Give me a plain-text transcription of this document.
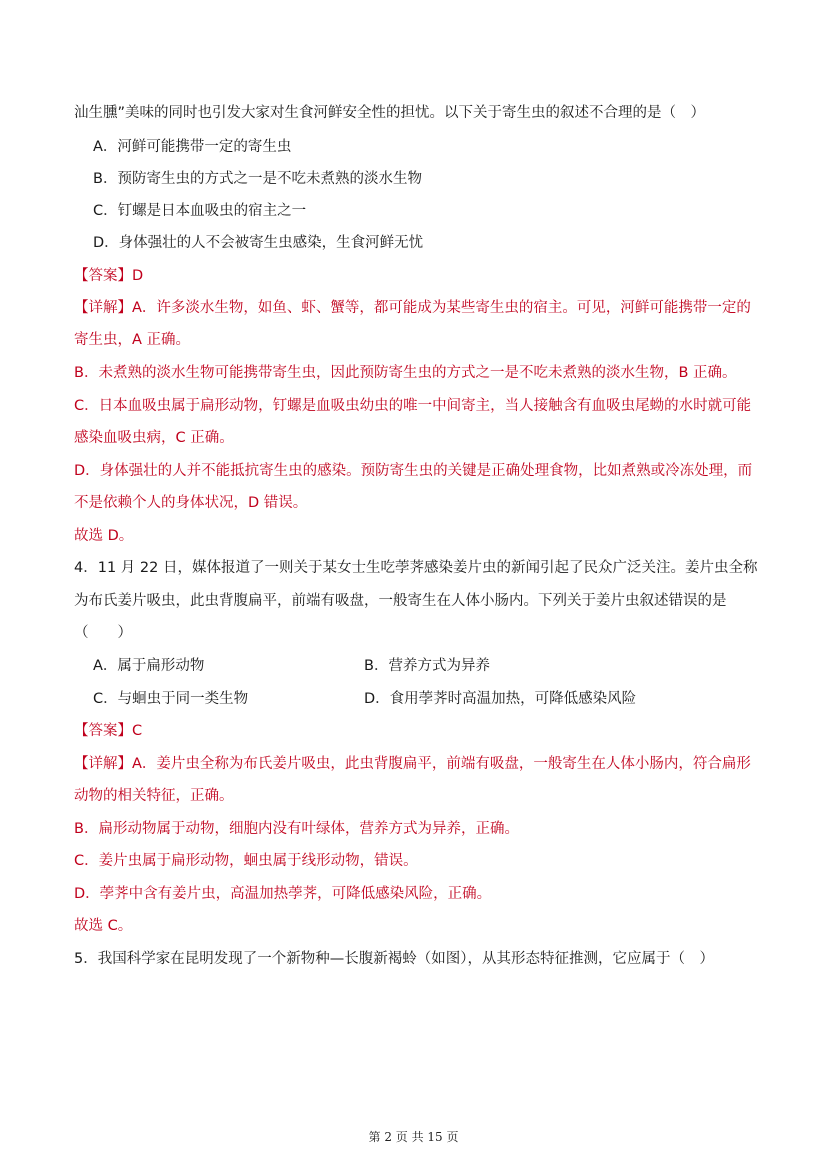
汕生臐”美味的同时也引发大家对生食河鲜安全性的担忧。以下关于寄生虫的叙述不合理的是（　）
A．河鲜可能携带一定的寄生虫
B．预防寄生虫的方式之一是不吃未煮熟的淡水生物
C．钉螺是日本血吸虫的宿主之一
D．身体强壮的人不会被寄生虫感染，生食河鲜无忧
【答案】D
【详解】A．许多淡水生物，如鱼、虾、蟹等，都可能成为某些寄生虫的宿主。可见，河鲜可能携带一定的
寄生虫，A 正确。
B．未煮熟的淡水生物可能携带寄生虫，因此预防寄生虫的方式之一是不吃未煮熟的淡水生物，B 正确。
C．日本血吸虫属于扁形动物，钉螺是血吸虫幼虫的唯一中间寄主，当人接触含有血吸虫尾蚴的水时就可能
感染血吸虫病，C 正确。
D．身体强壮的人并不能抵抗寄生虫的感染。预防寄生虫的关键是正确处理食物，比如煮熟或冷冻处理，而
不是依赖个人的身体状况，D 错误。
故选 D。
4．11 月 22 日，媒体报道了一则关于某女士生吃荸荠感染姜片虫的新闻引起了民众广泛关注。姜片虫全称
为布氏姜片吸虫，此虫背腹扁平，前端有吸盘，一般寄生在人体小肠内。下列关于姜片虫叙述错误的是
（　　）
A．属于扁形动物	B．营养方式为异养
C．与蛔虫于同一类生物	D．食用荸荠时高温加热，可降低感染风险
【答案】C
【详解】A．姜片虫全称为布氏姜片吸虫，此虫背腹扁平，前端有吸盘，一般寄生在人体小肠内，符合扁形
动物的相关特征，正确。
B．扁形动物属于动物，细胞内没有叶绿体，营养方式为异养，正确。
C．姜片虫属于扁形动物，蛔虫属于线形动物，错误。
D．荸荠中含有姜片虫，高温加热荸荠，可降低感染风险，正确。
故选 C。
5．我国科学家在昆明发现了一个新物种—长腹新褐蛉（如图），从其形态特征推测，它应属于（　）
第 2 页 共 15 页
